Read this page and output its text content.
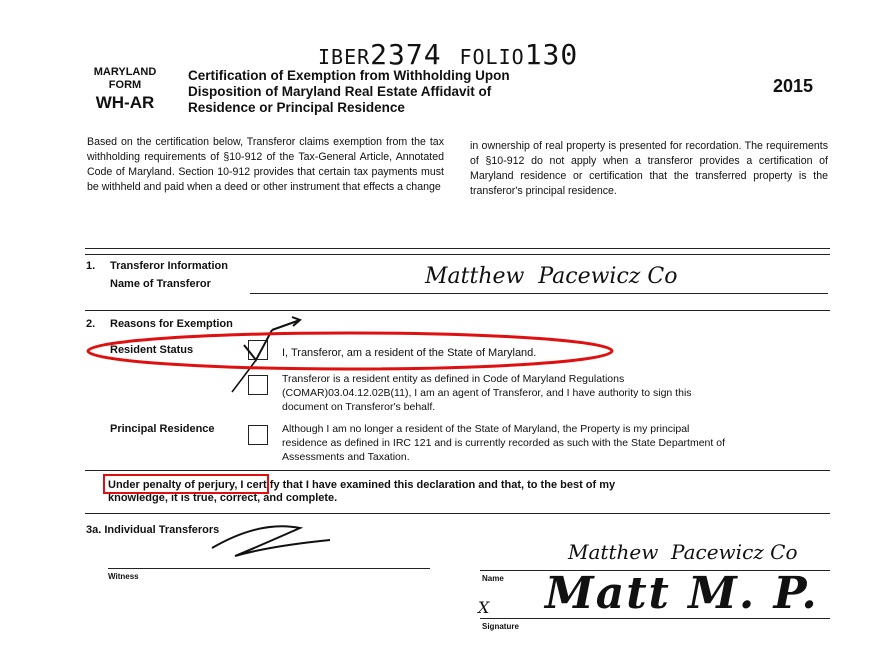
IBER2374 FOLIO130
MARYLAND
FORM
WH-AR
Certification of Exemption from Withholding Upon
Disposition of Maryland Real Estate Affidavit of
Residence or Principal Residence
2015
Based on the certification below, Transferor claims exemption from the tax withholding requirements of §10-912 of the Tax-General Article, Annotated Code of Maryland. Section 10-912 provides that certain tax payments must be withheld and paid when a deed or other instrument that effects a change
in ownership of real property is presented for recordation. The requirements of §10-912 do not apply when a transferor provides a certification of Maryland residence or certification that the transferred property is the transferor's principal residence.
1. Transferor Information
Name of Transferor	Matthew  Pacewicz Co
2. Reasons for Exemption
Resident Status	I, Transferor, am a resident of the State of Maryland.
Transferor is a resident entity as defined in Code of Maryland Regulations
(COMAR)03.04.12.02B(11), I am an agent of Transferor, and I have authority to sign this
document on Transferor's behalf.
Principal Residence	Although I am no longer a resident of the State of Maryland, the Property is my principal
residence as defined in IRC 121 and is currently recorded as such with the State Department of
Assessments and Taxation.
Under penalty of perjury, I certify that I have examined this declaration and that, to the best of my
knowledge, it is true, correct, and complete.
3a. Individual Transferors
Witness	Name
Matthew  Pacewicz Co
Signature
X Matt M. P.
